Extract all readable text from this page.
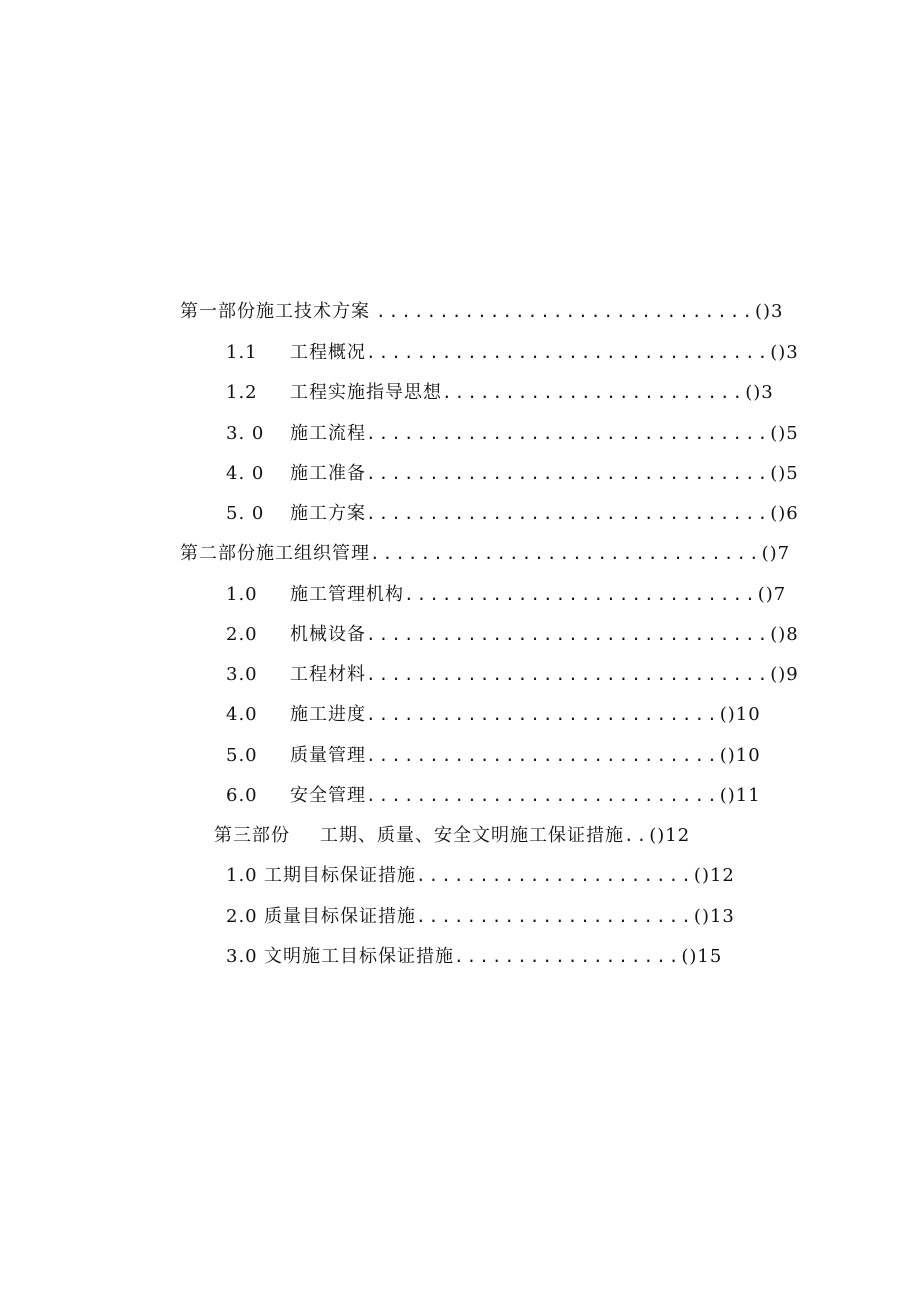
第一部份施工技术方案 .............................. ()3
1.1	工程概况 ................................ ()3
1.2	工程实施指导思想 ........................ ()3
3. 0	施工流程 ................................ ()5
4. 0	施工准备 ................................ ()5
5. 0	施工方案 ................................ ()6
第二部份施工组织管理 ............................... ()7
1.0	施工管理机构 ............................ ()7
2.0	机械设备 ................................ ()8
3.0	工程材料 ................................ ()9
4.0	施工进度 ............................ ()10
5.0	质量管理 ............................ ()10
6.0	安全管理 ............................ ()11
第三部份	工期、质量、安全文明施工保证措施 .. ()12
1.0 工期目标保证措施 ...................... ()12
2.0 质量目标保证措施 ...................... ()13
3.0 文明施工目标保证措施 .................. ()15
